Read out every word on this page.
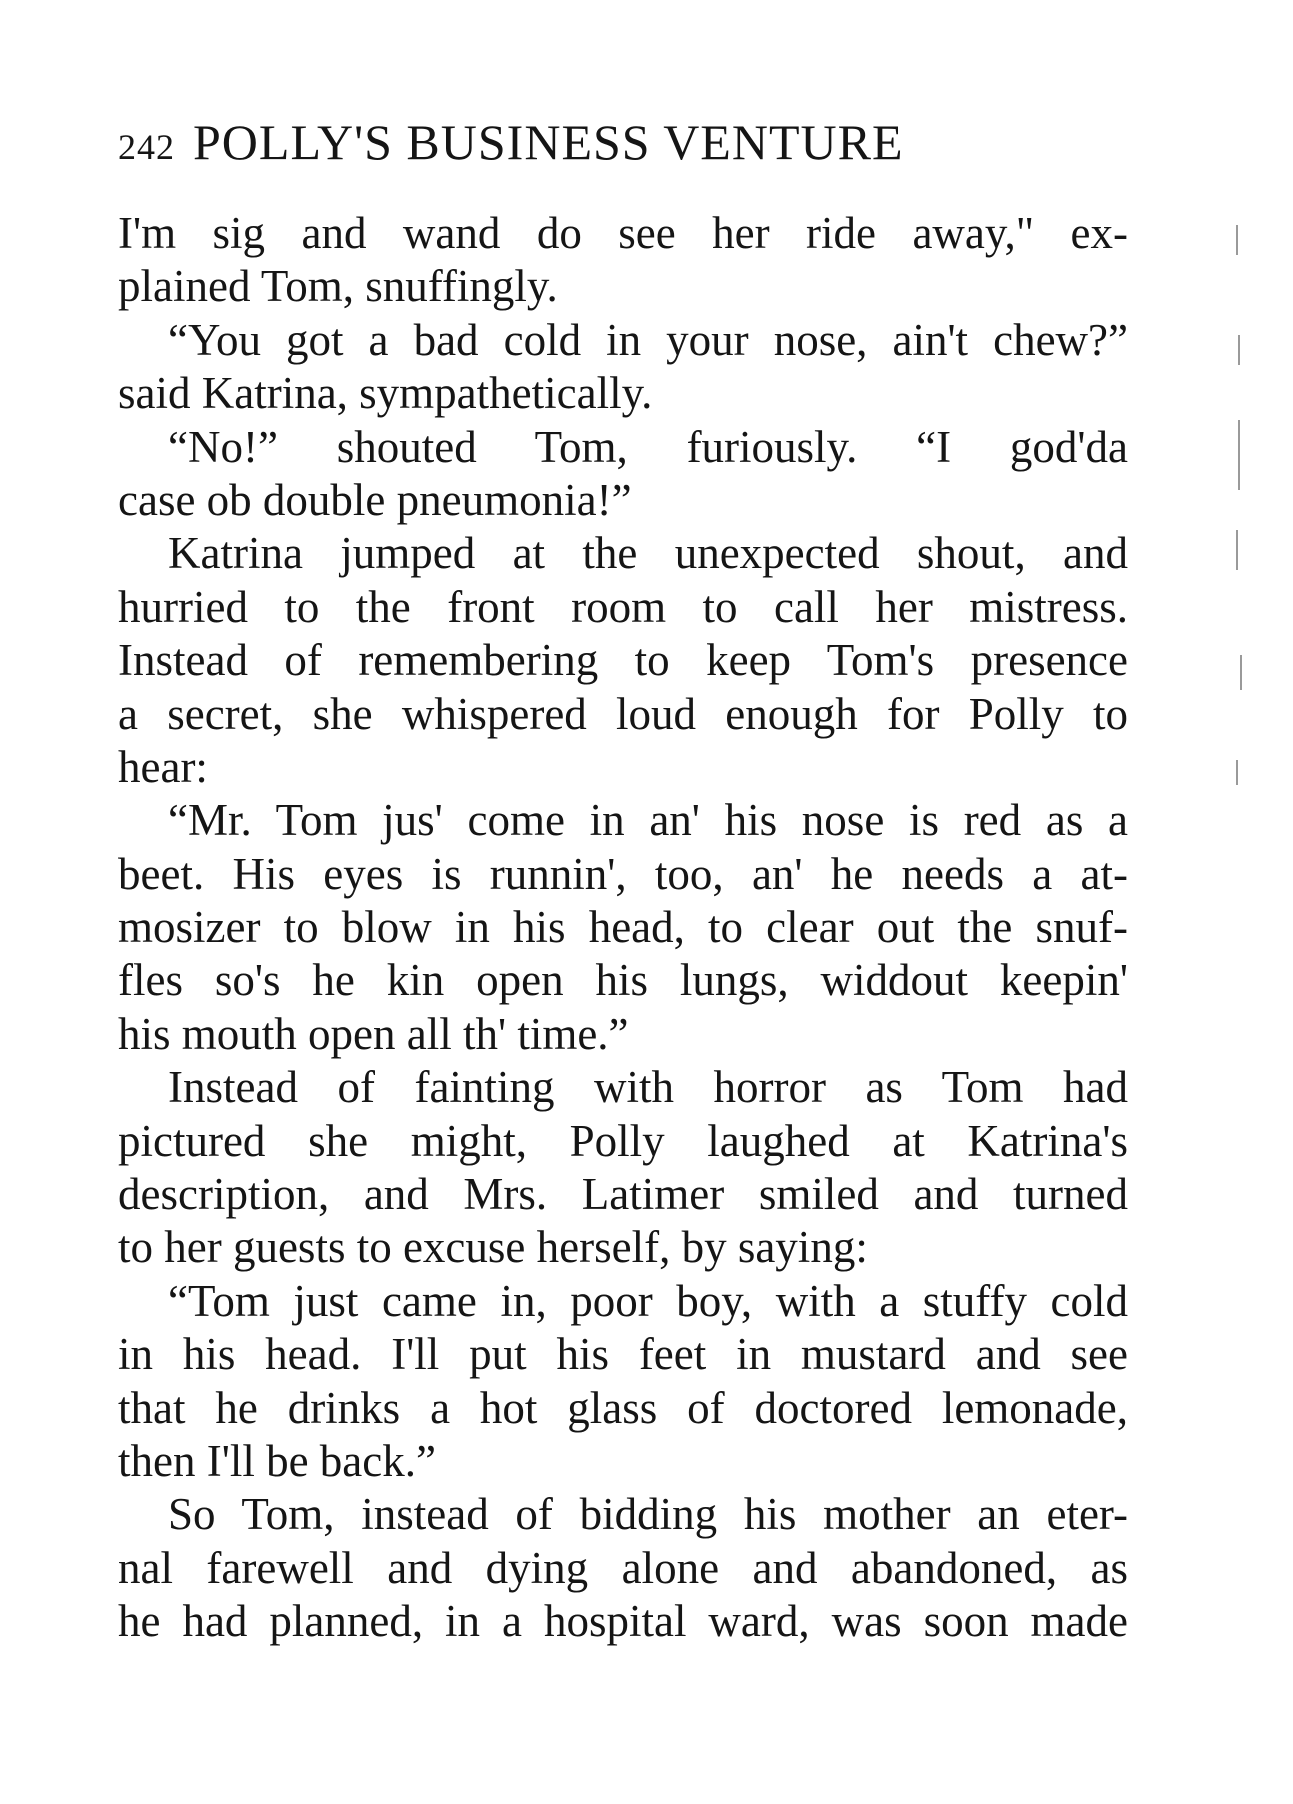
242 POLLY'S BUSINESS VENTURE
I'm sig and wand do see her ride away," ex-
plained Tom, snuffingly.
“You got a bad cold in your nose, ain't chew?”
said Katrina, sympathetically.
“No!” shouted Tom, furiously. “I god'da
case ob double pneumonia!”
Katrina jumped at the unexpected shout, and
hurried to the front room to call her mistress.
Instead of remembering to keep Tom's presence
a secret, she whispered loud enough for Polly to
hear:
“Mr. Tom jus' come in an' his nose is red as a
beet. His eyes is runnin', too, an' he needs a at-
mosizer to blow in his head, to clear out the snuf-
fles so's he kin open his lungs, widdout keepin'
his mouth open all th' time.”
Instead of fainting with horror as Tom had
pictured she might, Polly laughed at Katrina's
description, and Mrs. Latimer smiled and turned
to her guests to excuse herself, by saying:
“Tom just came in, poor boy, with a stuffy cold
in his head. I'll put his feet in mustard and see
that he drinks a hot glass of doctored lemonade,
then I'll be back.”
So Tom, instead of bidding his mother an eter-
nal farewell and dying alone and abandoned, as
he had planned, in a hospital ward, was soon made
